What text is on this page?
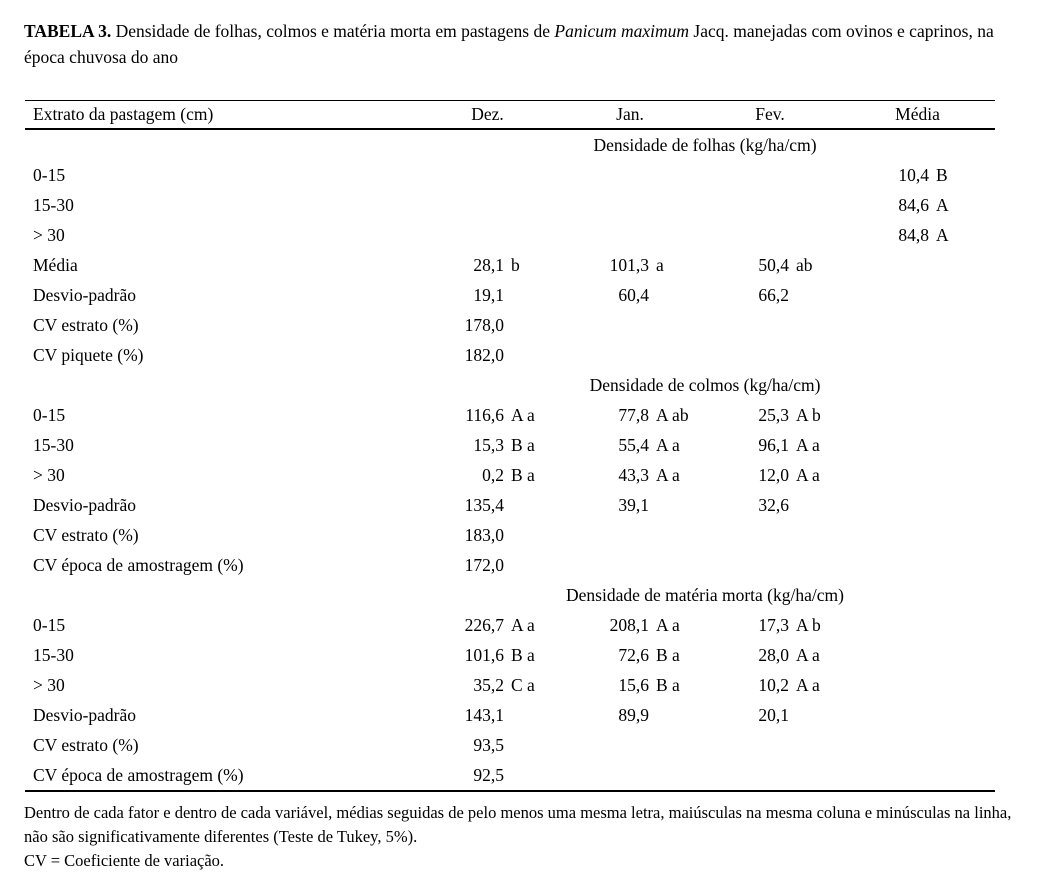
TABELA 3. Densidade de folhas, colmos e matéria morta em pastagens de Panicum maximum Jacq. manejadas com ovinos e caprinos, na época chuvosa do ano

Extrato da pastagem (cm)	Dez.	Jan.	Fev.	Média
	Densidade de folhas (kg/ha/cm)			
0-15				10,4 B
15-30				84,6 A
> 30				84,8 A
Média	28,1 b	101,3 a	50,4 ab	
Desvio-padrão	19,1	60,4	66,2	
CV estrato (%)	178,0			
CV piquete (%)	182,0			
	Densidade de colmos (kg/ha/cm)			
0-15	116,6 A a	77,8 A ab	25,3 A b	
15-30	15,3 B a	55,4 A a	96,1 A a	
> 30	0,2 B a	43,3 A a	12,0 A a	
Desvio-padrão	135,4	39,1	32,6	
CV estrato (%)	183,0			
CV época de amostragem (%)	172,0			
	Densidade de matéria morta (kg/ha/cm)			
0-15	226,7 A a	208,1 A a	17,3 A b	
15-30	101,6 B a	72,6 B a	28,0 A a	
> 30	35,2 C a	15,6 B a	10,2 A a	
Desvio-padrão	143,1	89,9	20,1	
CV estrato (%)	93,5			
CV época de amostragem (%)	92,5			

Dentro de cada fator e dentro de cada variável, médias seguidas de pelo menos uma mesma letra, maiúsculas na mesma coluna e minúsculas na linha, não são significativamente diferentes (Teste de Tukey, 5%).

CV = Coeficiente de variação.
